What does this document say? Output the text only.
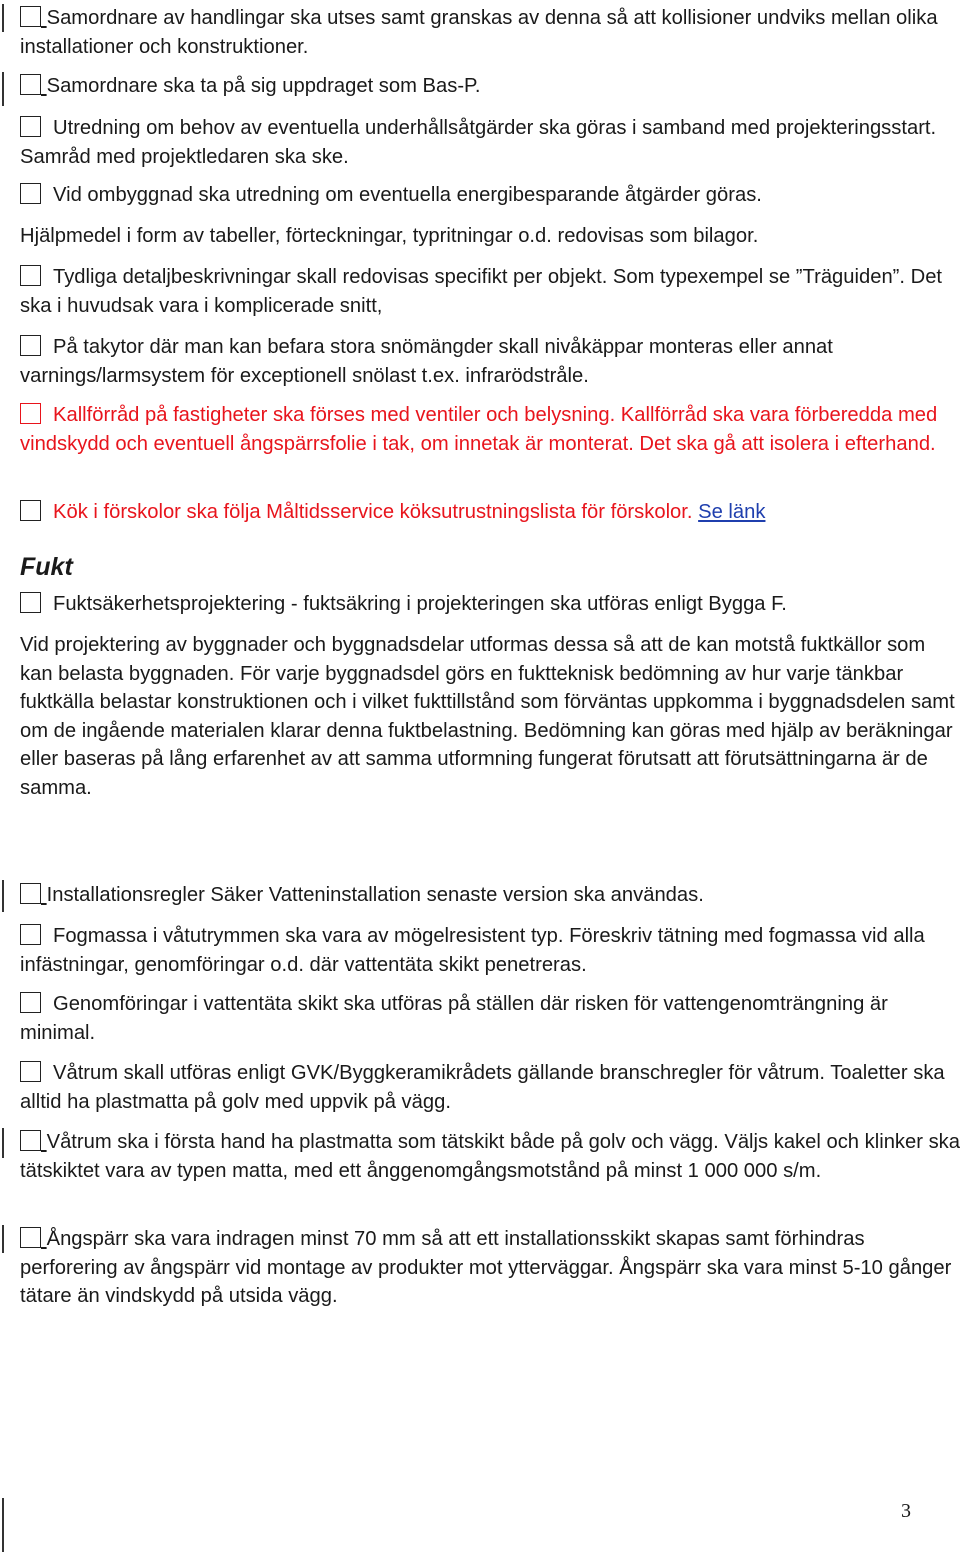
Samordnare av handlingar ska utses samt granskas av denna så att kollisioner undviks mellan olika installationer och konstruktioner.
Samordnare ska ta på sig uppdraget som Bas-P.
Utredning om behov av eventuella underhållsåtgärder ska göras i samband med projekteringsstart. Samråd med projektledaren ska ske.
Vid ombyggnad ska utredning om eventuella energibesparande åtgärder göras.
Hjälpmedel i form av tabeller, förteckningar, typritningar o.d. redovisas som bilagor.
Tydliga detaljbeskrivningar skall redovisas specifikt per objekt. Som typexempel se ”Träguiden”. Det ska i huvudsak vara i komplicerade snitt,
På takytor där man kan befara stora snömängder skall nivåkäppar monteras eller annat varnings/larmsystem för exceptionell snölast t.ex. infrarödstråle.
Kallförråd på fastigheter ska förses med ventiler och belysning. Kallförråd ska vara förberedda med vindskydd och eventuell ångspärrsfolie i tak, om innetak är monterat. Det ska gå att isolera i efterhand.
Kök i förskolor ska följa Måltidsservice köksutrustningslista för förskolor. Se länk
Fukt
Fuktsäkerhetsprojektering - fuktsäkring i projekteringen ska utföras enligt Bygga F.
Vid projektering av byggnader och byggnadsdelar utformas dessa så att de kan motstå fuktkällor som kan belasta byggnaden. För varje byggnadsdel görs en fuktteknisk bedömning av hur varje tänkbar fuktkälla belastar konstruktionen och i vilket fukttillstånd som förväntas uppkomma i byggnadsdelen samt om de ingående materialen klarar denna fuktbelastning. Bedömning kan göras med hjälp av beräkningar eller baseras på lång erfarenhet av att samma utformning fungerat förutsatt att förutsättningarna är de samma.
Installationsregler Säker Vatteninstallation senaste version ska användas.
Fogmassa i våtutrymmen ska vara av mögelresistent typ. Föreskriv tätning med fogmassa vid alla infästningar, genomföringar o.d. där vattentäta skikt penetreras.
Genomföringar i vattentäta skikt ska utföras på ställen där risken för vattengenomträngning är minimal.
Våtrum skall utföras enligt GVK/Byggkeramikrådets gällande branschregler för våtrum. Toaletter ska alltid ha plastmatta på golv med uppvik på vägg.
Våtrum ska i första hand ha plastmatta som tätskikt både på golv och vägg. Väljs kakel och klinker ska tätskiktet vara av typen matta, med ett ånggenomgångsmotstånd på minst 1 000 000 s/m.
Ångspärr ska vara indragen minst 70 mm så att ett installationsskikt skapas samt förhindras perforering av ångspärr vid montage av produkter mot ytterväggar. Ångspärr ska vara minst 5-10 gånger tätare än vindskydd på utsida vägg.
3
